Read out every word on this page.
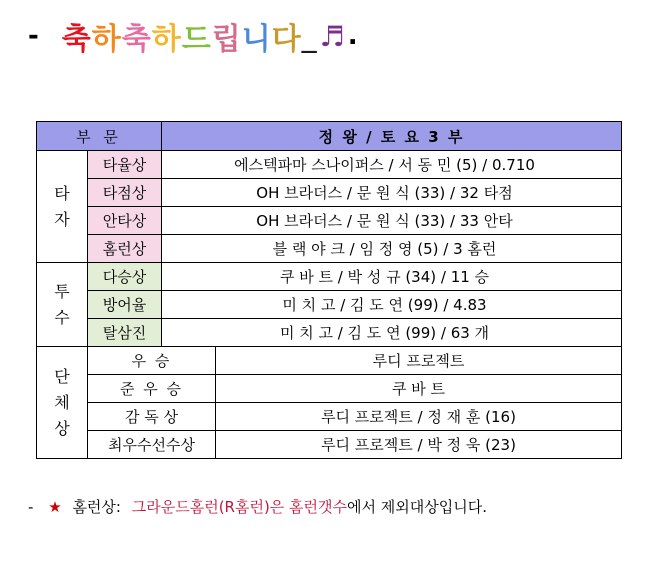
- 축하축하드립니다 _ ♬ .
부 문		정 왕 / 토 요 3 부	
타
자	타율상	에스텍파마 스나이퍼스 / 서 동 민 (5) / 0.710	
	타점상	OH 브라더스 / 문 원 식 (33) / 32 타점	
	안타상	OH 브라더스 / 문 원 식 (33) / 33 안타	
	홈런상	블 랙 야 크 / 임 정 영 (5) / 3 홈런	
투
수	다승상	쿠 바 트 / 박 성 규 (34) / 11 승	
	방어율	미 치 고 / 김 도 연 (99) / 4.83	
	탈삼진	미 치 고 / 김 도 연 (99) / 63 개	
단
체
상	우 승		루디 프로젝트
	준 우 승		쿠 바 트
	감 독 상		루디 프로젝트 / 정 재 훈 (16)
	최우수선수상		루디 프로젝트 / 박 정 욱 (23)
- ★ 홈런상: 그라운드홈런(R홈런)은 홈런갯수에서 제외대상입니다.
